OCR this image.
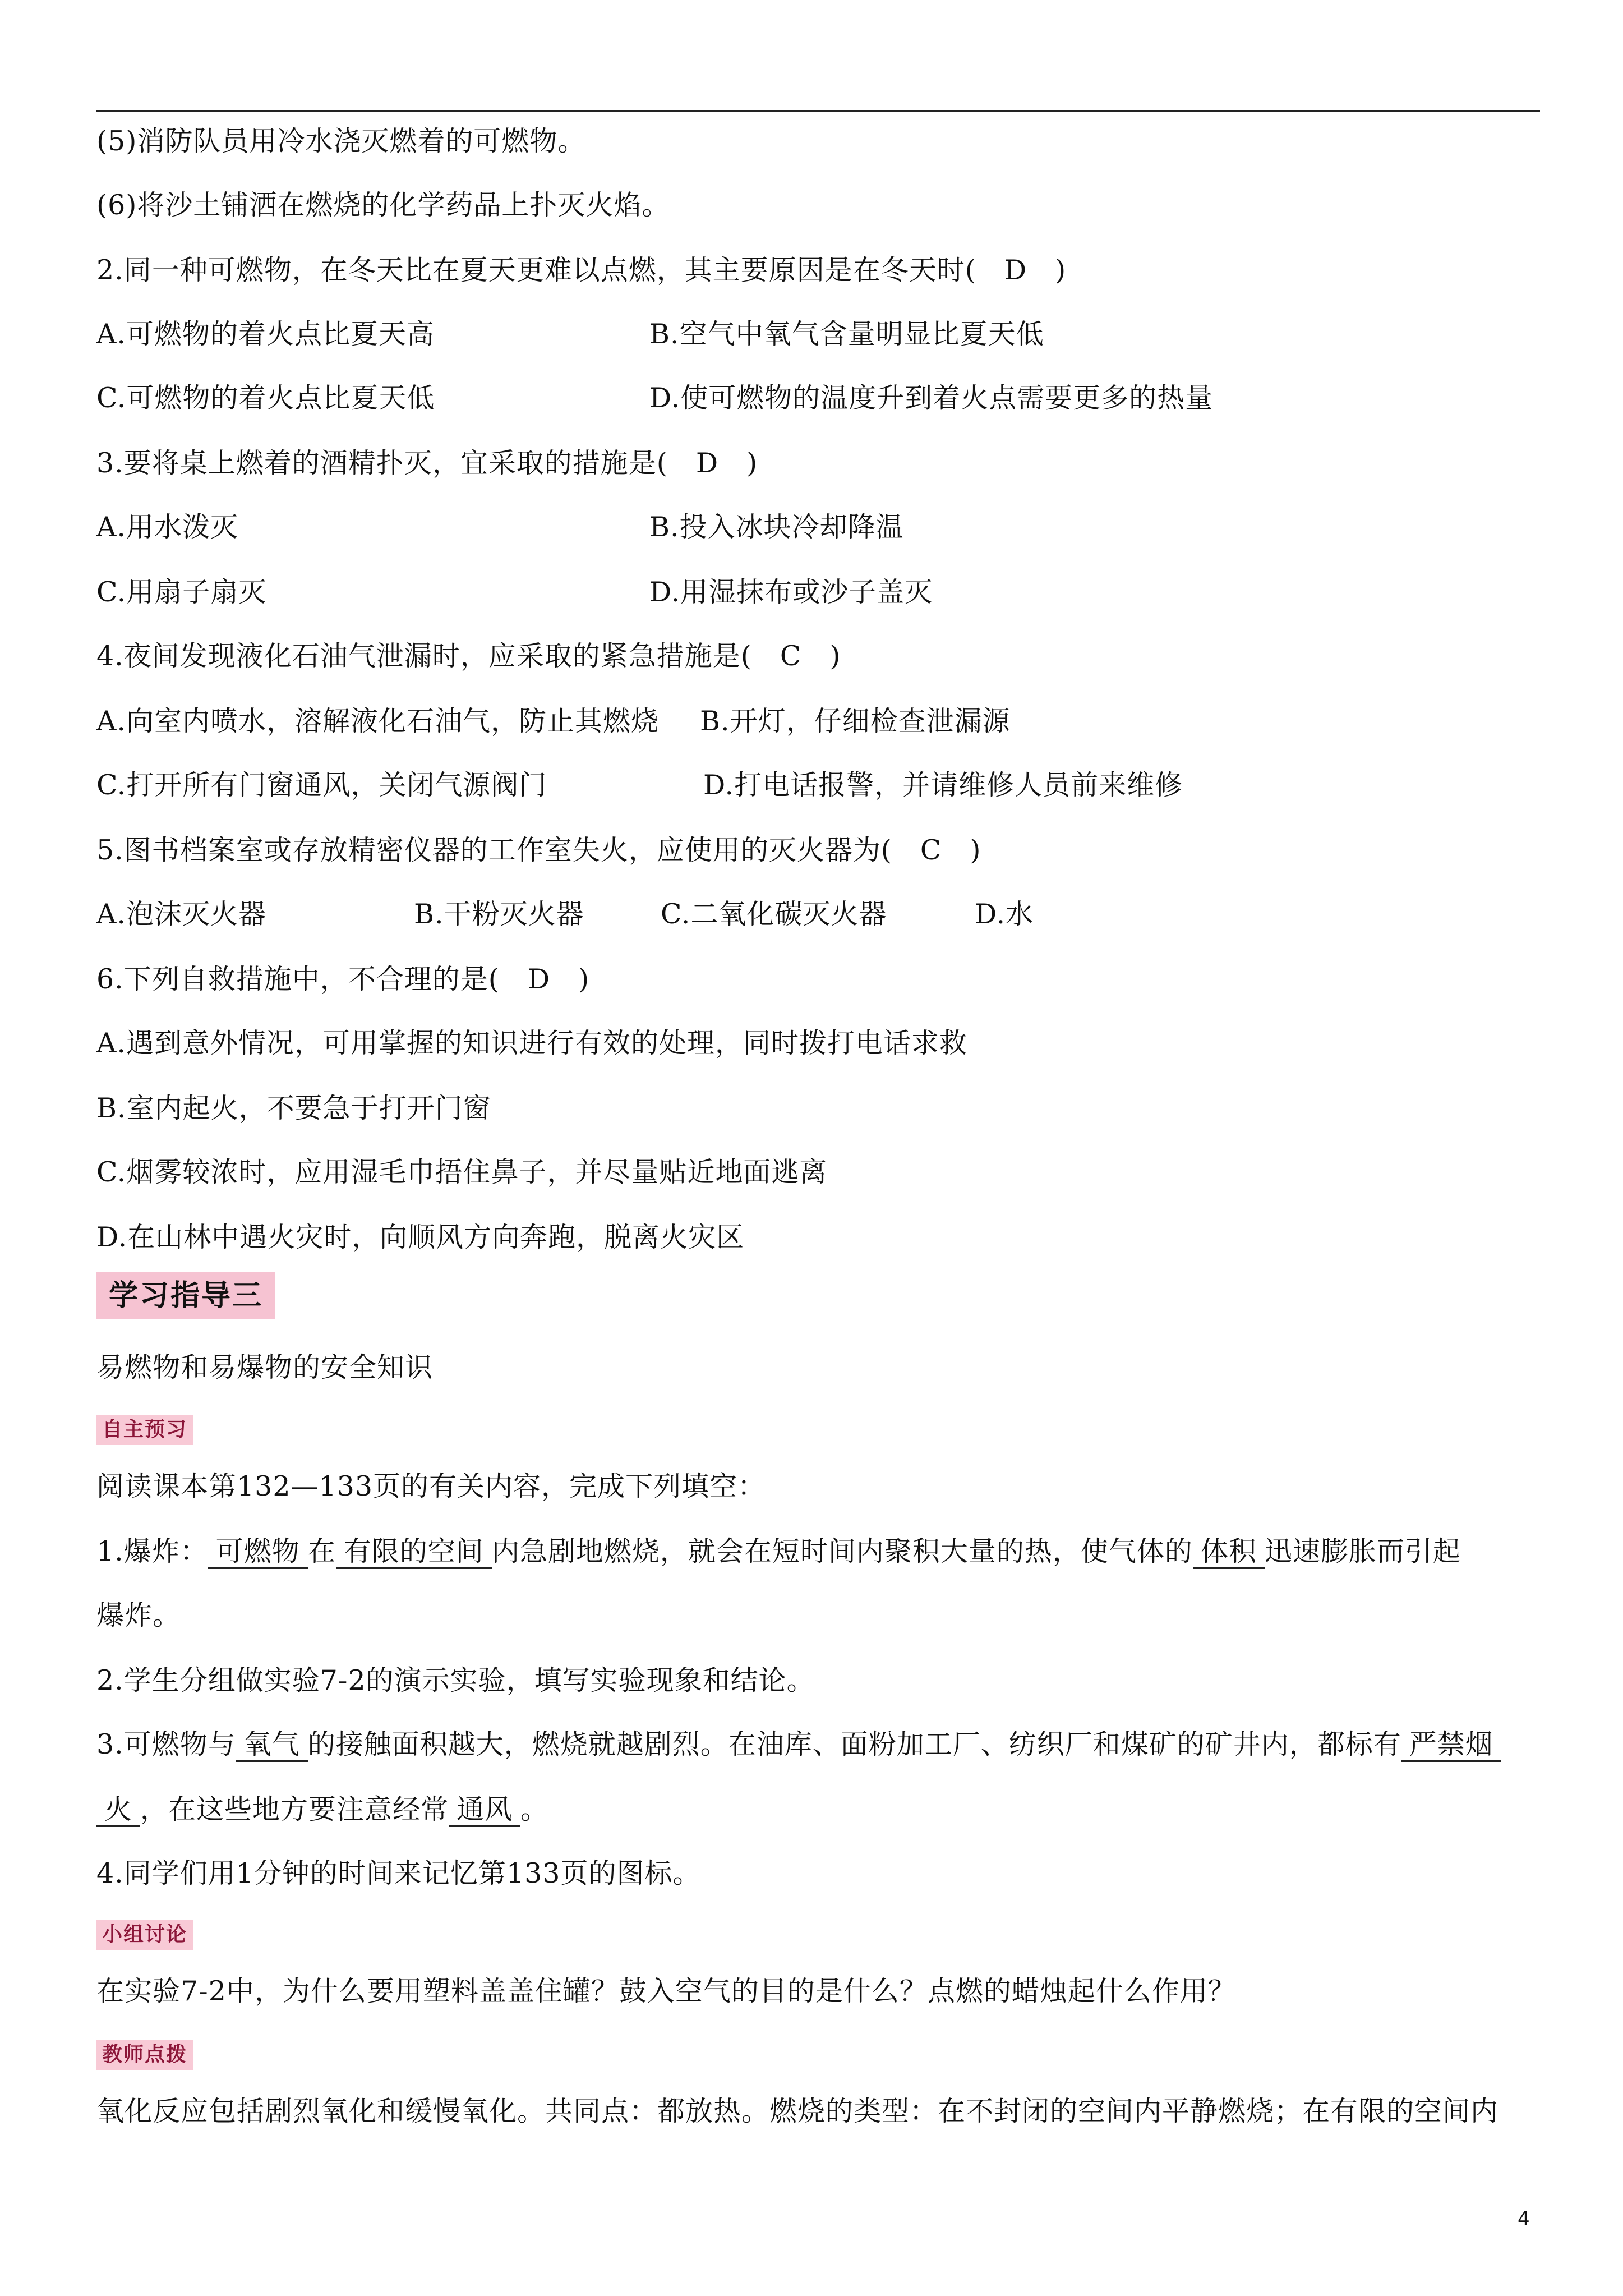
(5)消防队员用冷水浇灭燃着的可燃物。
(6)将沙土铺洒在燃烧的化学药品上扑灭火焰。
2.同一种可燃物，在冬天比在夏天更难以点燃，其主要原因是在冬天时(　D　)
A.可燃物的着火点比夏天高	B.空气中氧气含量明显比夏天低
C.可燃物的着火点比夏天低	D.使可燃物的温度升到着火点需要更多的热量
3.要将桌上燃着的酒精扑灭，宜采取的措施是(　D　)
A.用水泼灭	B.投入冰块冷却降温
C.用扇子扇灭	D.用湿抹布或沙子盖灭
4.夜间发现液化石油气泄漏时，应采取的紧急措施是(　C　)
A.向室内喷水，溶解液化石油气，防止其燃烧 B.开灯，仔细检查泄漏源
C.打开所有门窗通风，关闭气源阀门	D.打电话报警，并请维修人员前来维修
5.图书档案室或存放精密仪器的工作室失火，应使用的灭火器为(　C　)
A.泡沫灭火器	B.干粉灭火器	C.二氧化碳灭火器	D.水
6.下列自救措施中，不合理的是(　D　)
A.遇到意外情况，可用掌握的知识进行有效的处理，同时拨打电话求救
B.室内起火，不要急于打开门窗
C.烟雾较浓时，应用湿毛巾捂住鼻子，并尽量贴近地面逃离
D.在山林中遇火灾时，向顺风方向奔跑，脱离火灾区
学习指导三
易燃物和易爆物的安全知识
自主预习
阅读课本第132—133页的有关内容，完成下列填空：
1.爆炸： 可燃物 在 有限的空间 内急剧地燃烧，就会在短时间内聚积大量的热，使气体的 体积 迅速膨胀而引起
爆炸。
2.学生分组做实验7-2的演示实验，填写实验现象和结论。
3.可燃物与 氧气 的接触面积越大，燃烧就越剧烈。在油库、面粉加工厂、纺织厂和煤矿的矿井内，都标有 严禁烟
火 ，在这些地方要注意经常 通风 。
4.同学们用1分钟的时间来记忆第133页的图标。
小组讨论
在实验7-2中，为什么要用塑料盖盖住罐？鼓入空气的目的是什么？点燃的蜡烛起什么作用？
教师点拨
氧化反应包括剧烈氧化和缓慢氧化。共同点：都放热。燃烧的类型：在不封闭的空间内平静燃烧；在有限的空间内
4
